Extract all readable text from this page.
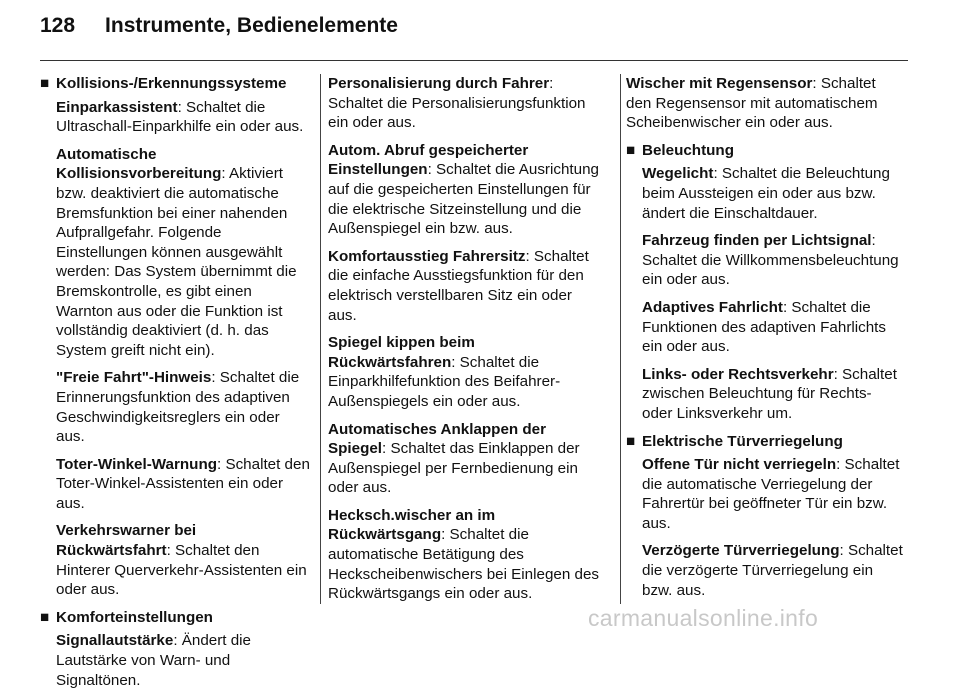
128 Instrumente, Bedienelemente
■ Kollisions-/Erkennungssysteme

Einparkassistent: Schaltet die Ultraschall-Einparkhilfe ein oder aus.

Automatische Kollisionsvorbereitung: Aktiviert bzw. deaktiviert die automatische Bremsfunktion bei einer nahenden Aufprallgefahr. Folgende Einstellungen können ausgewählt werden: Das System übernimmt die Bremskontrolle, es gibt einen Warnton aus oder die Funktion ist vollständig deaktiviert (d. h. das System greift nicht ein).

"Freie Fahrt"-Hinweis: Schaltet die Erinnerungsfunktion des adaptiven Geschwindigkeitsreglers ein oder aus.

Toter-Winkel-Warnung: Schaltet den Toter-Winkel-Assistenten ein oder aus.

Verkehrswarner bei Rückwärtsfahrt: Schaltet den Hinterer Querverkehr-Assistenten ein oder aus.

■ Komforteinstellungen

Signallautstärke: Ändert die Lautstärke von Warn- und Signaltönen.

Personalisierung durch Fahrer: Schaltet die Personalisierungsfunktion ein oder aus.

Autom. Abruf gespeicherter Einstellungen: Schaltet die Ausrichtung auf die gespeicherten Einstellungen für die elektrische Sitzeinstellung und die Außenspiegel ein bzw. aus.

Komfortausstieg Fahrersitz: Schaltet die einfache Ausstiegsfunktion für den elektrisch verstellbaren Sitz ein oder aus.

Spiegel kippen beim Rückwärtsfahren: Schaltet die Einparkhilfefunktion des Beifahrer-Außenspiegels ein oder aus.

Automatisches Anklappen der Spiegel: Schaltet das Einklappen der Außenspiegel per Fernbedienung ein oder aus.

Hecksch.wischer an im Rückwärtsgang: Schaltet die automatische Betätigung des Heckscheibenwischers bei Einlegen des Rückwärtsgangs ein oder aus.

Wischer mit Regensensor: Schaltet den Regensensor mit automatischem Scheibenwischer ein oder aus.

■ Beleuchtung

Wegelicht: Schaltet die Beleuchtung beim Aussteigen ein oder aus bzw. ändert die Einschaltdauer.

Fahrzeug finden per Lichtsignal: Schaltet die Willkommensbeleuchtung ein oder aus.

Adaptives Fahrlicht: Schaltet die Funktionen des adaptiven Fahrlichts ein oder aus.

Links- oder Rechtsverkehr: Schaltet zwischen Beleuchtung für Rechts- oder Linksverkehr um.

■ Elektrische Türverriegelung

Offene Tür nicht verriegeln: Schaltet die automatische Verriegelung der Fahrertür bei geöffneter Tür ein bzw. aus.

Verzögerte Türverriegelung: Schaltet die verzögerte Türverriegelung ein bzw. aus.

carmanualsonline.info
